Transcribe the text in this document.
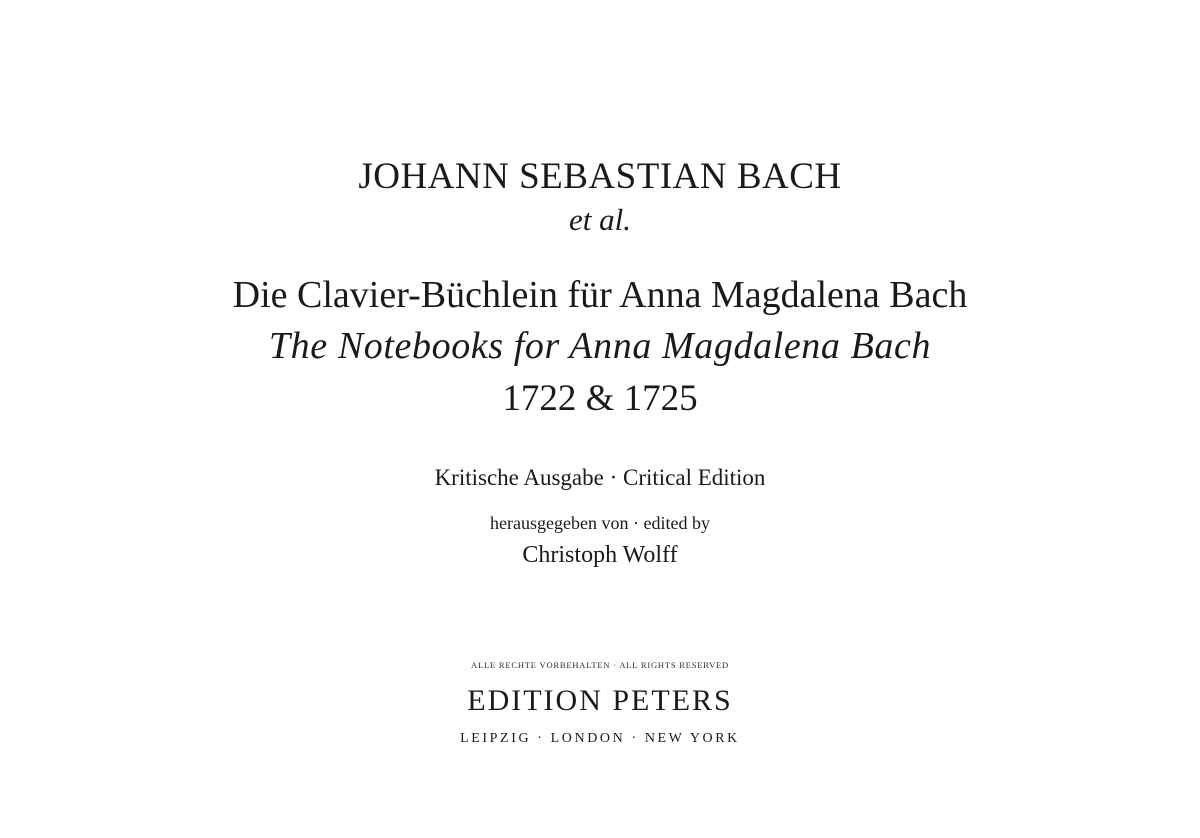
JOHANN SEBASTIAN BACH
et al.
Die Clavier-Büchlein für Anna Magdalena Bach
The Notebooks for Anna Magdalena Bach
1722 & 1725
Kritische Ausgabe · Critical Edition
herausgegeben von · edited by
Christoph Wolff
ALLE RECHTE VORBEHALTEN · ALL RIGHTS RESERVED
EDITION PETERS
LEIPZIG · LONDON · NEW YORK
